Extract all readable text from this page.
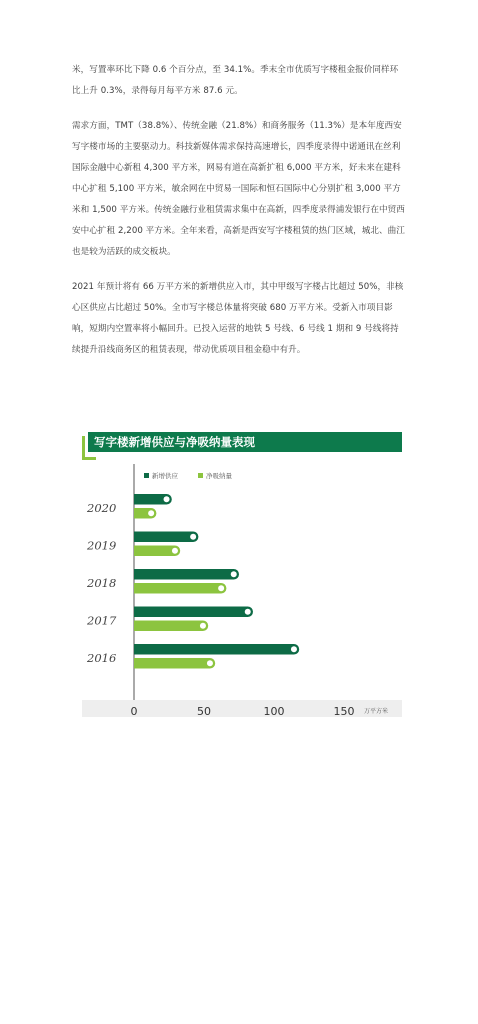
米，写置率环比下降 0.6 个百分点，至 34.1%。季末全市优质写字楼租金报价同样环比上升 0.3%，录得每月每平方米 87.6 元。

需求方面，TMT（38.8%）、传统金融（21.8%）和商务服务（11.3%）是本年度西安写字楼市场的主要驱动力。科技新媒体需求保持高速增长，四季度录得中诺通讯在丝利国际金融中心新租 4,300 平方米，网易有道在高新扩租 6,000 平方米，好未来在建科中心扩租 5,100 平方米，敏余网在中贸易一国际和恒石国际中心分别扩租 3,000 平方米和 1,500 平方米。传统金融行业租赁需求集中在高新，四季度录得浦发银行在中贸西安中心扩租 2,200 平方米。全年来看，高新是西安写字楼租赁的热门区域，城北、曲江也是较为活跃的成交板块。

2021 年预计将有 66 万平方米的新增供应入市，其中甲级写字楼占比超过 50%，非核心区供应占比超过 50%。全市写字楼总体量将突破 680 万平方米。受新入市项目影响，短期内空置率将小幅回升。已投入运营的地铁 5 号线、6 号线 1 期和 9 号线将持续提升沿线商务区的租赁表现，带动优质项目租金稳中有升。

写字楼新增供应与净吸纳量表现
新增供应	净吸纳量
2020
2019
2018
2017
2016
0	50	100	150 万平方米
